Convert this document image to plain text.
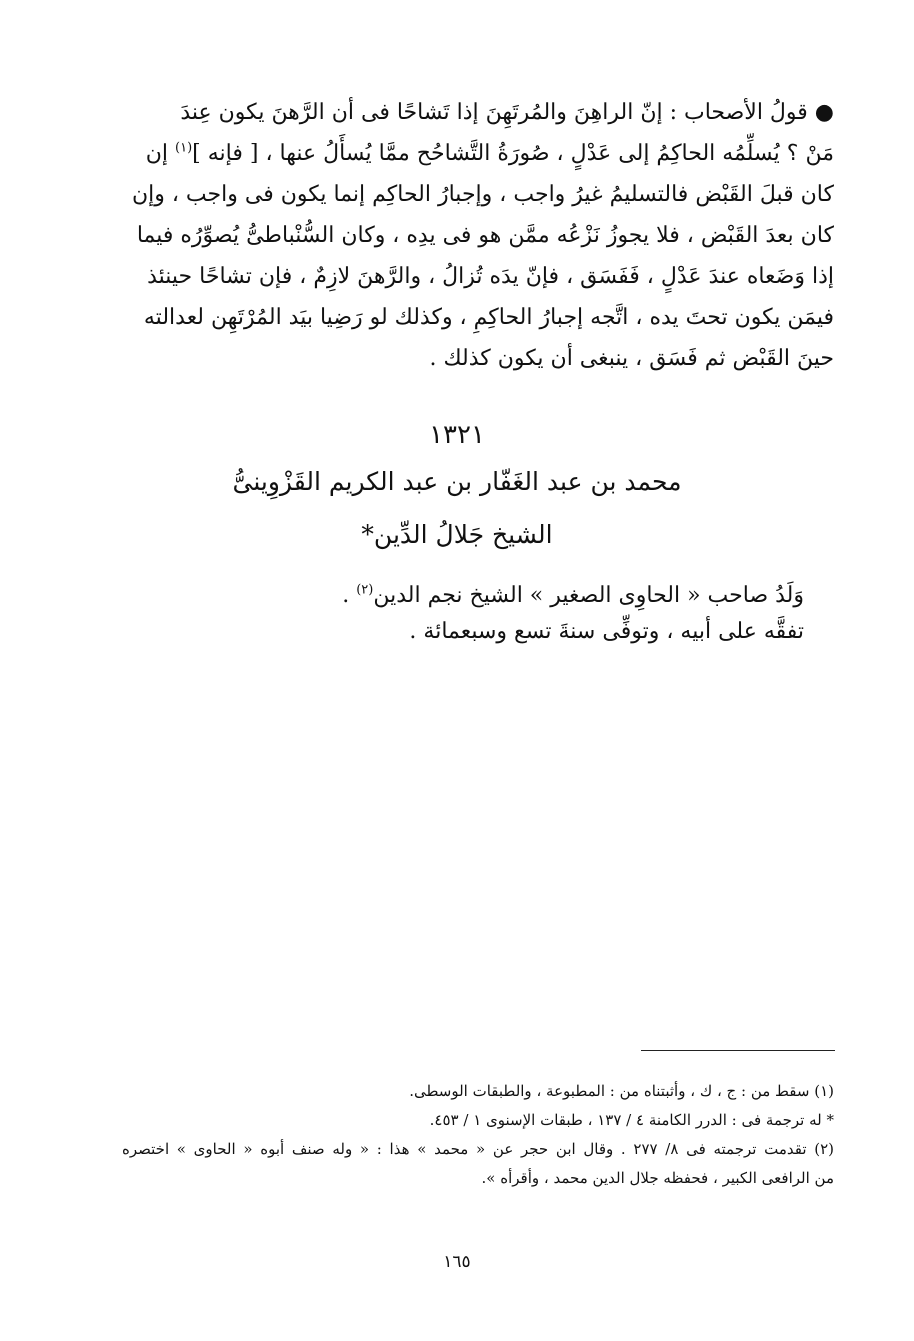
● قولُ الأصحاب : إنّ الراهِنَ والمُرتَهِنَ إذا تَشاحًا فى أن الرَّهنَ يكون عِندَ
مَنْ ؟ يُسلِّمُه الحاكِمُ إلى عَدْلٍ ، صُورَةُ التَّشاحُح ممَّا يُسأَلُ عنها ، [ فإنه ]$^{(١)}$ إن
كان قبلَ القَبْض فالتسليمُ غيرُ واجب ، وإجبارُ الحاكِم إنما يكون فى واجب ، وإن
كان بعدَ القَبْض ، فلا يجوزُ نَزْعُه ممَّن هو فى يدِه ، وكان السُّنْباطىُّ يُصوِّرُه فيما
إذا وَضَعاه عندَ عَدْلٍ ، فَفَسَق ، فإنّ يدَه تُزالُ ، والرَّهنَ لازِمٌ ، فإن تشاحًا حينئذ
فيمَن يكون تحتَ يده ، اتَّجه إجبارُ الحاكِمِ ، وكذلك لو رَضِيا بيَد المُرْتَهِن لعدالته
حينَ القَبْض ثم فَسَق ، ينبغى أن يكون كذلك .
١٣٢١
محمد بن عبد الغَفّار بن عبد الكريم القَزْوِينىُّ
الشيخ جَلالُ الدِّين*
وَلَدُ صاحب « الحاوِى الصغير » الشيخ نجم الدين$^{(٢)}$ .
تفقَّه على أبيه ، وتوفِّى سنةَ تسع وسبعمائة .
(١) سقط من : ج ، ك ، وأثبتناه من : المطبوعة ، والطبقات الوسطى.
* له ترجمة فى : الدرر الكامنة ٤ / ١٣٧ ، طبقات الإسنوى ١ / ٤٥٣.
(٢) تقدمت ترجمته فى ٨/ ٢٧٧ . وقال ابن حجر عن « محمد » هذا : « وله صنف أبوه « الحاوى » اختصره
من الرافعى الكبير ، فحفظه جلال الدين محمد ، وأقرأه ».
١٦٥
